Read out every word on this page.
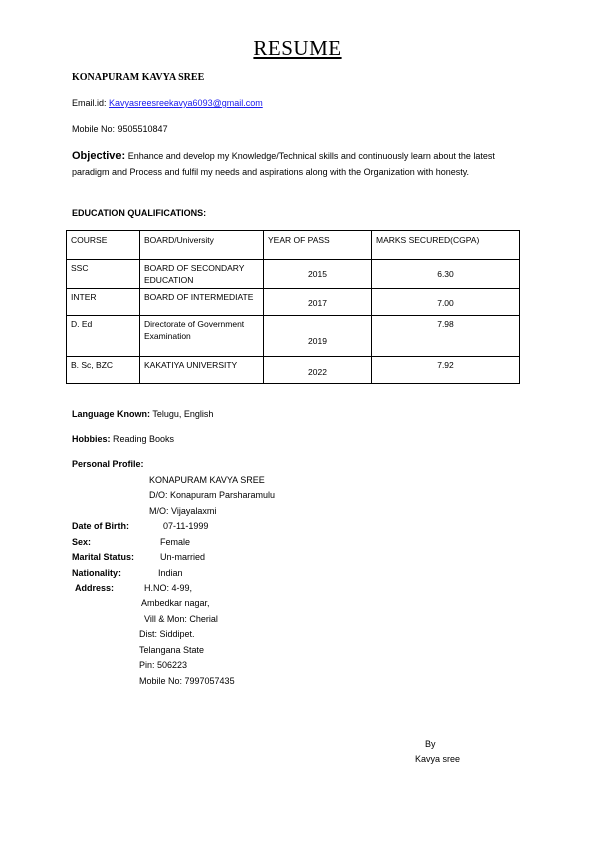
RESUME
KONAPURAM KAVYA SREE
Email.id: Kavyasreesreekavya6093@gmail.com
Mobile No: 9505510847
Objective: Enhance and develop my Knowledge/Technical skills and continuously learn about the latest paradigm and Process and fulfil my needs and aspirations along with the Organization with honesty.
EDUCATION QUALIFICATIONS:
COURSE	BOARD/University	YEAR OF PASS	MARKS SECURED(CGPA)
SSC	BOARD OF SECONDARY EDUCATION	2015	6.30

INTER	BOARD OF INTERMEDIATE	2017	7.00

D. Ed	Directorate of Government Examination	2019	7.98

B. Sc, BZC	KAKATIYA UNIVERSITY	2022	7.92
Language Known: Telugu, English
Hobbies: Reading Books
Personal Profile:
KONAPURAM KAVYA SREE
D/O: Konapuram Parsharamulu
M/O: Vijayalaxmi
Date of Birth:	07-11-1999
Sex:	Female
Marital Status:	Un-married
Nationality:	Indian
Address:	H.NO: 4-99,
Ambedkar nagar,
Vill & Mon: Cherial
Dist: Siddipet.
Telangana State
Pin: 506223
Mobile No: 7997057435
By
Kavya sree
